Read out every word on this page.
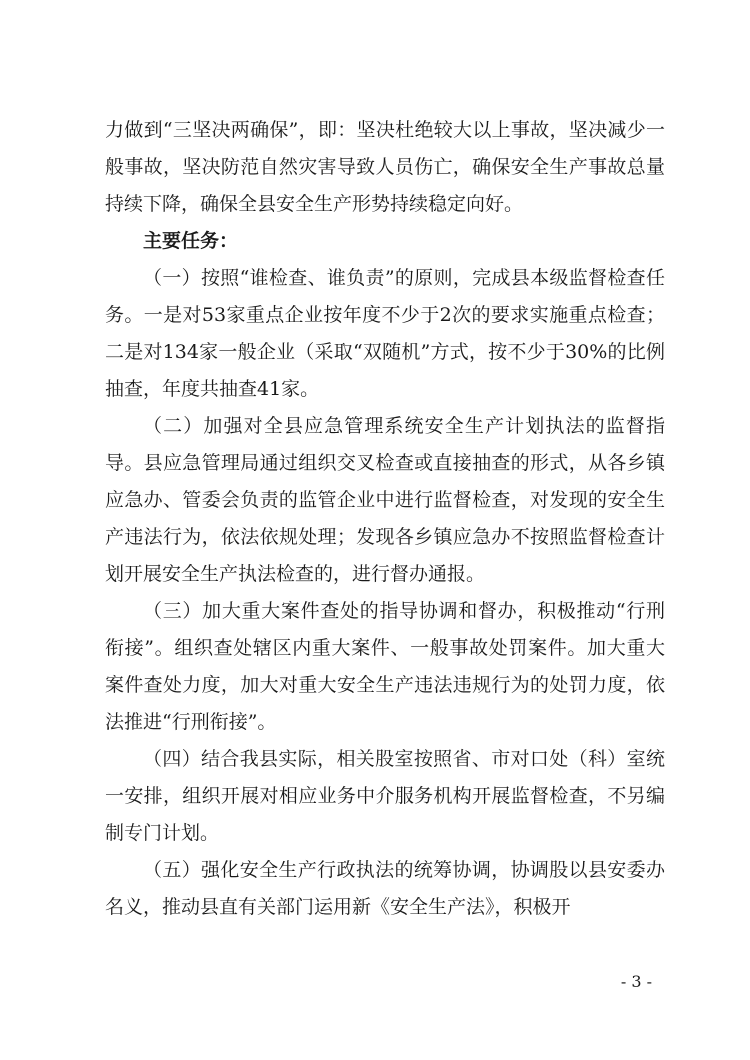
力做到“三坚决两确保”，即：坚决杜绝较大以上事故，坚决减少一般事故，坚决防范自然灾害导致人员伤亡，确保安全生产事故总量持续下降，确保全县安全生产形势持续稳定向好。

主要任务：

（一）按照“谁检查、谁负责”的原则，完成县本级监督检查任务。一是对53家重点企业按年度不少于2次的要求实施重点检查；二是对134家一般企业（采取“双随机”方式，按不少于30%的比例抽查，年度共抽查41家。

（二）加强对全县应急管理系统安全生产计划执法的监督指导。县应急管理局通过组织交叉检查或直接抽查的形式，从各乡镇应急办、管委会负责的监管企业中进行监督检查，对发现的安全生产违法行为，依法依规处理；发现各乡镇应急办不按照监督检查计划开展安全生产执法检查的，进行督办通报。

（三）加大重大案件查处的指导协调和督办，积极推动“行刑衔接”。组织查处辖区内重大案件、一般事故处罚案件。加大重大案件查处力度，加大对重大安全生产违法违规行为的处罚力度，依法推进“行刑衔接”。

（四）结合我县实际，相关股室按照省、市对口处（科）室统一安排，组织开展对相应业务中介服务机构开展监督检查，不另编制专门计划。

（五）强化安全生产行政执法的统筹协调，协调股以县安委办名义，推动县直有关部门运用新《安全生产法》，积极开

- 3 -
